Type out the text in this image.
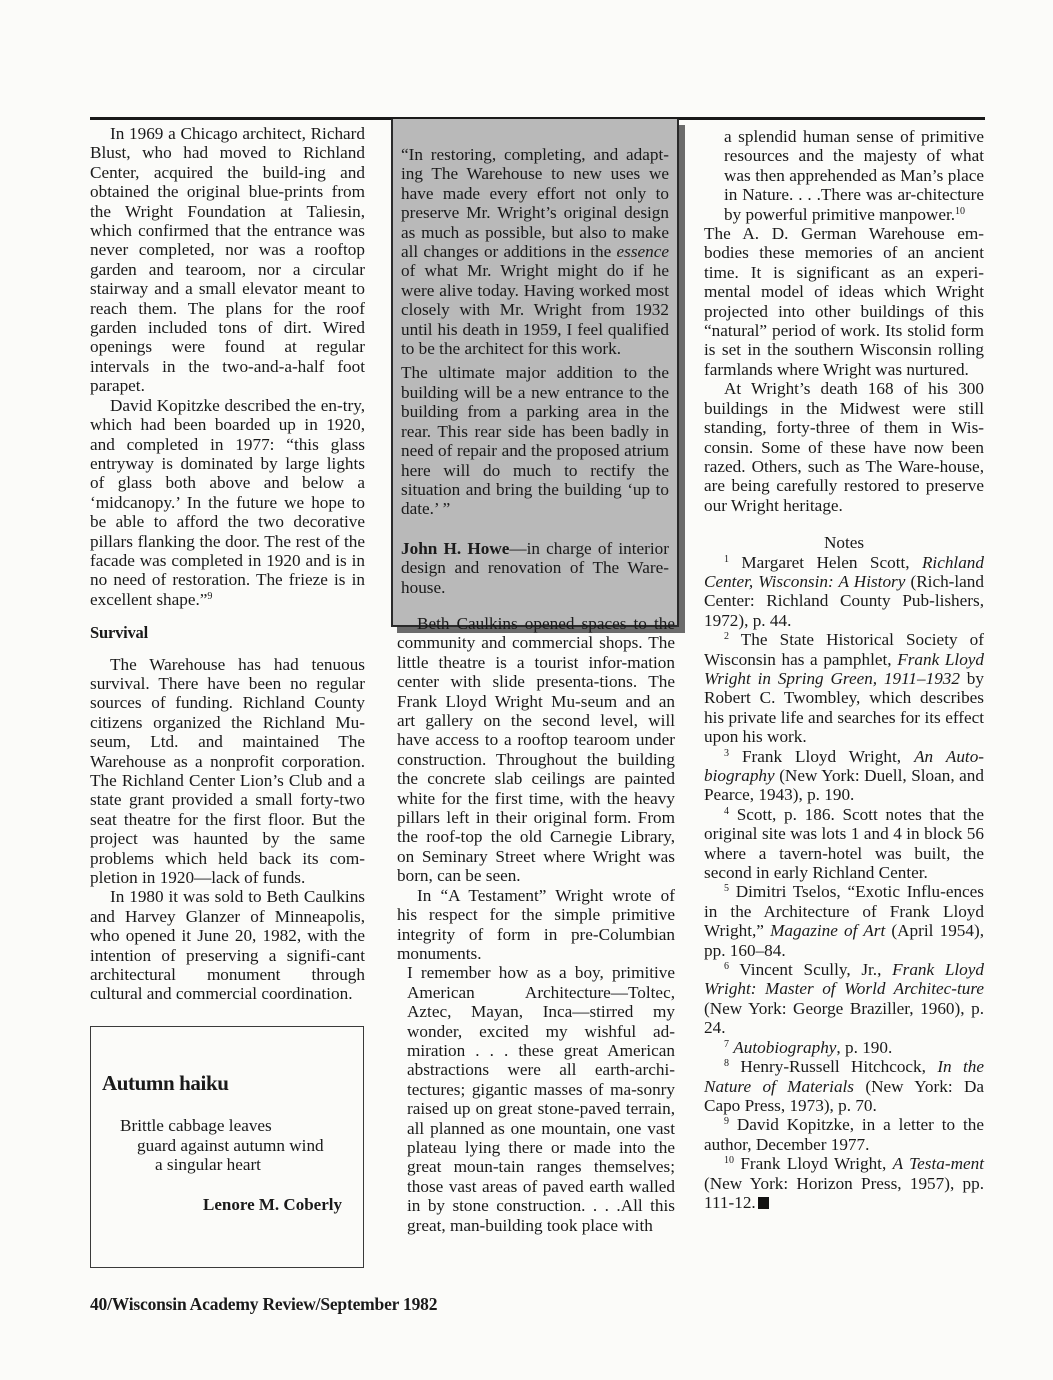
In 1969 a Chicago architect, Richard Blust, who had moved to Richland Center, acquired the build-ing and obtained the original blue-prints from the Wright Foundation at Taliesin, which confirmed that the entrance was never completed, nor was a rooftop garden and tearoom, nor a circular stairway and a small elevator meant to reach them. The plans for the roof garden included tons of dirt. Wired openings were found at regular intervals in the two-and-a-half foot parapet.

David Kopitzke described the en-try, which had been boarded up in 1920, and completed in 1977: “this glass entryway is dominated by large lights of glass both above and below a ‘midcanopy.’ In the future we hope to be able to afford the two decorative pillars flanking the door. The rest of the facade was completed in 1920 and is in no need of restoration. The frieze is in excellent shape.”$^9$

Survival

The Warehouse has had tenuous survival. There have been no regular sources of funding. Richland County citizens organized the Richland Mu-seum, Ltd. and maintained The Warehouse as a nonprofit corporation. The Richland Center Lion’s Club and a state grant provided a small forty-two seat theatre for the first floor. But the project was haunted by the same problems which held back its com-pletion in 1920—lack of funds.

In 1980 it was sold to Beth Caulkins and Harvey Glanzer of Minneapolis, who opened it June 20, 1982, with the intention of preserving a signifi-cant architectural monument through cultural and commercial coordination.

“In restoring, completing, and adapt-ing The Warehouse to new uses we have made every effort not only to preserve Mr. Wright’s original design as much as possible, but also to make all changes or additions in the essence of what Mr. Wright might do if he were alive today. Having worked most closely with Mr. Wright from 1932 until his death in 1959, I feel qualified to be the architect for this work.

The ultimate major addition to the building will be a new entrance to the building from a parking area in the rear. This rear side has been badly in need of repair and the proposed atrium here will do much to rectify the situation and bring the building ‘up to date.’ ”

John H. Howe—in charge of interior design and renovation of The Ware-house.

Beth Caulkins opened spaces to the community and commercial shops. The little theatre is a tourist infor-mation center with slide presenta-tions. The Frank Lloyd Wright Mu-seum and an art gallery on the second level, will have access to a rooftop tearoom under construction. Throughout the building the concrete slab ceilings are painted white for the first time, with the heavy pillars left in their original form. From the roof-top the old Carnegie Library, on Seminary Street where Wright was born, can be seen.

In “A Testament” Wright wrote of his respect for the simple primitive integrity of form in pre-Columbian monuments.

I remember how as a boy, primitive American Architecture—Toltec, Aztec, Mayan, Inca—stirred my wonder, excited my wishful ad-miration . . . these great American abstractions were all earth-archi-tectures; gigantic masses of ma-sonry raised up on great stone-paved terrain, all planned as one mountain, one vast plateau lying there or made into the great moun-tain ranges themselves; those vast areas of paved earth walled in by stone construction. . . .All this great, man-building took place with

a splendid human sense of primitive resources and the majesty of what was then apprehended as Man’s place in Nature. . . .There was ar-chitecture by powerful primitive manpower.$^{10}$

The A. D. German Warehouse em-bodies these memories of an ancient time. It is significant as an experi-mental model of ideas which Wright projected into other buildings of this “natural” period of work. Its stolid form is set in the southern Wisconsin rolling farmlands where Wright was nurtured.

At Wright’s death 168 of his 300 buildings in the Midwest were still standing, forty-three of them in Wis-consin. Some of these have now been razed. Others, such as The Ware-house, are being carefully restored to preserve our Wright heritage.

Notes

$^1$ Margaret Helen Scott, Richland Center, Wisconsin: A History (Rich-land Center: Richland County Pub-lishers, 1972), p. 44.

$^2$ The State Historical Society of Wisconsin has a pamphlet, Frank Lloyd Wright in Spring Green, 1911–1932 by Robert C. Twombley, which describes his private life and searches for its effect upon his work.

$^3$ Frank Lloyd Wright, An Auto-biography (New York: Duell, Sloan, and Pearce, 1943), p. 190.

$^4$ Scott, p. 186. Scott notes that the original site was lots 1 and 4 in block 56 where a tavern-hotel was built, the second in early Richland Center.

$^5$ Dimitri Tselos, “Exotic Influ-ences in the Architecture of Frank Lloyd Wright,” Magazine of Art (April 1954), pp. 160–84.

$^6$ Vincent Scully, Jr., Frank Lloyd Wright: Master of World Architec-ture (New York: George Braziller, 1960), p. 24.

$^7$ Autobiography, p. 190.

$^8$ Henry-Russell Hitchcock, In the Nature of Materials (New York: Da Capo Press, 1973), p. 70.

$^9$ David Kopitzke, in a letter to the author, December 1977.

$^{10}$ Frank Lloyd Wright, A Testa-ment (New York: Horizon Press, 1957), pp. 111-12.

Autumn haiku
Brittle cabbage leaves
guard against autumn wind
a singular heart
Lenore M. Coberly
40/Wisconsin Academy Review/September 1982
